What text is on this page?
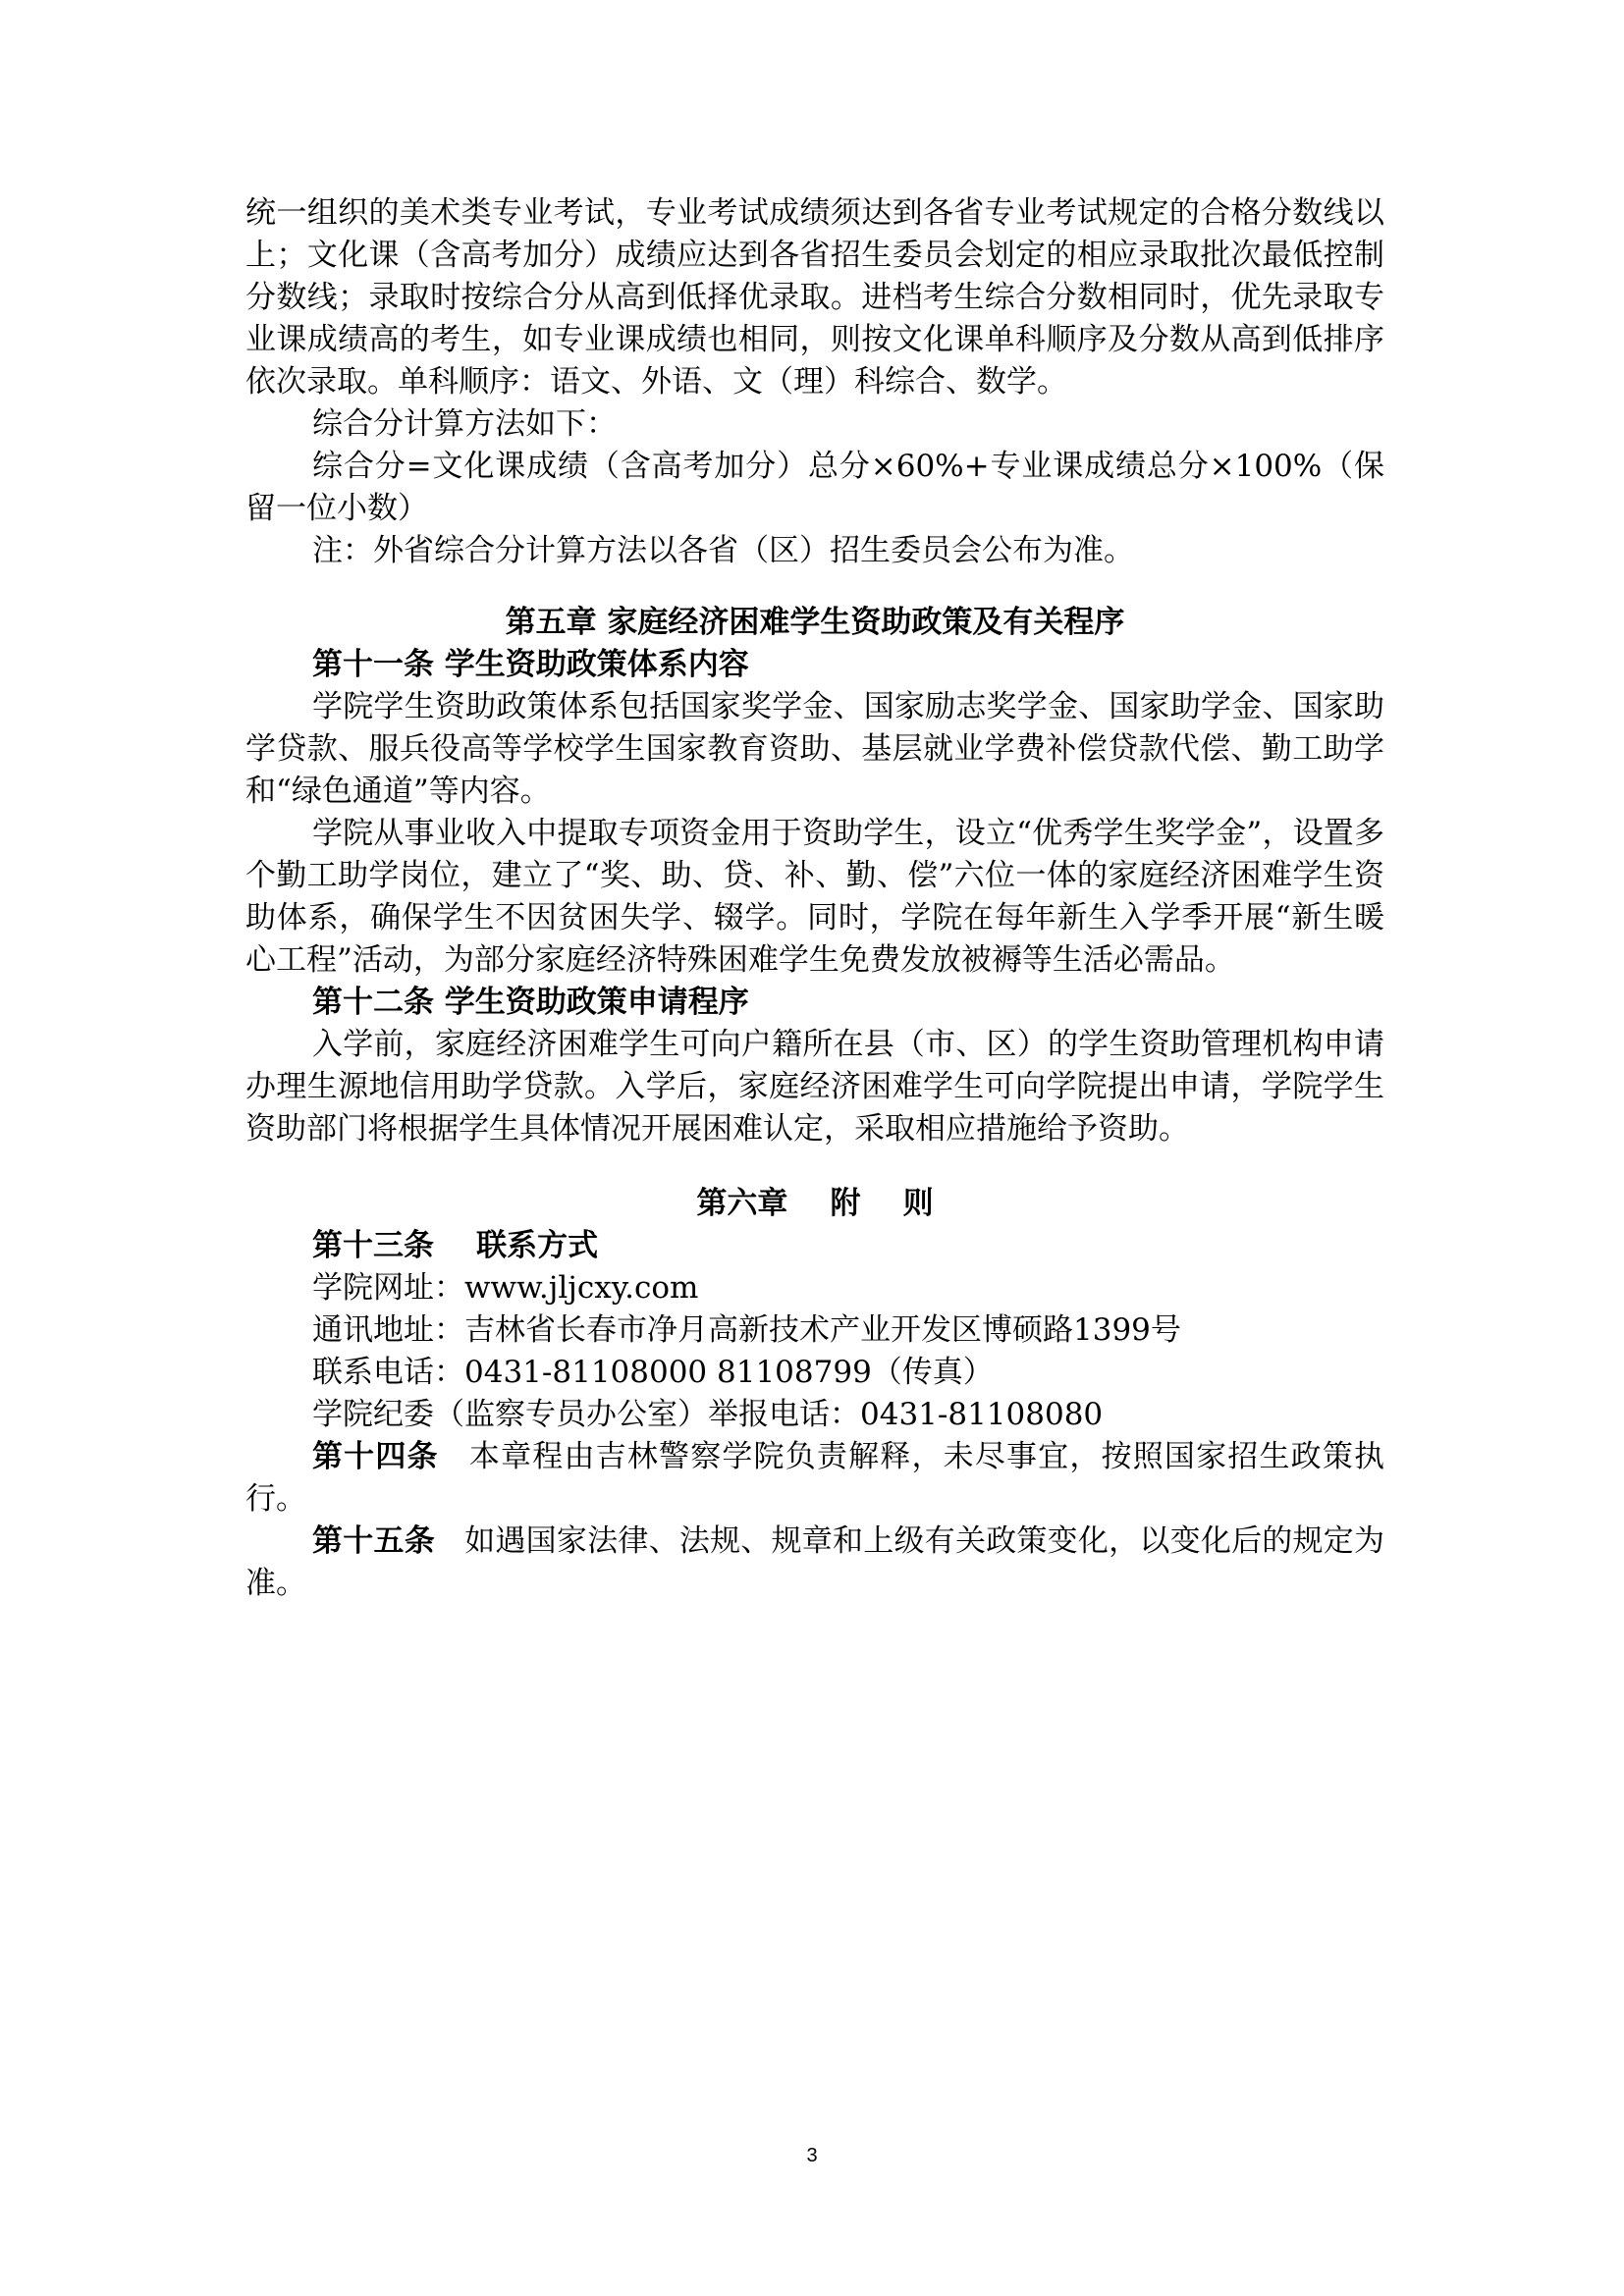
统一组织的美术类专业考试，专业考试成绩须达到各省专业考试规定的合格分数线以上；文化课（含高考加分）成绩应达到各省招生委员会划定的相应录取批次最低控制分数线；录取时按综合分从高到低择优录取。进档考生综合分数相同时，优先录取专业课成绩高的考生，如专业课成绩也相同，则按文化课单科顺序及分数从高到低排序依次录取。单科顺序：语文、外语、文（理）科综合、数学。

综合分计算方法如下：

综合分=文化课成绩（含高考加分）总分×60%+专业课成绩总分×100%（保留一位小数）

注：外省综合分计算方法以各省（区）招生委员会公布为准。

第五章 家庭经济困难学生资助政策及有关程序

第十一条 学生资助政策体系内容

学院学生资助政策体系包括国家奖学金、国家励志奖学金、国家助学金、国家助学贷款、服兵役高等学校学生国家教育资助、基层就业学费补偿贷款代偿、勤工助学和“绿色通道”等内容。

学院从事业收入中提取专项资金用于资助学生，设立“优秀学生奖学金”，设置多个勤工助学岗位，建立了“奖、助、贷、补、勤、偿”六位一体的家庭经济困难学生资助体系，确保学生不因贫困失学、辍学。同时，学院在每年新生入学季开展“新生暖心工程”活动，为部分家庭经济特殊困难学生免费发放被褥等生活必需品。

第十二条 学生资助政策申请程序

入学前，家庭经济困难学生可向户籍所在县（市、区）的学生资助管理机构申请办理生源地信用助学贷款。入学后，家庭经济困难学生可向学院提出申请，学院学生资助部门将根据学生具体情况开展困难认定，采取相应措施给予资助。

第六章    附    则

第十三条    联系方式

学院网址：www.jljcxy.com

通讯地址：吉林省长春市净月高新技术产业开发区博硕路1399号

联系电话：0431-81108000 81108799（传真）

学院纪委（监察专员办公室）举报电话：0431-81108080

第十四条 本章程由吉林警察学院负责解释，未尽事宜，按照国家招生政策执行。

第十五条 如遇国家法律、法规、规章和上级有关政策变化，以变化后的规定为准。

3
